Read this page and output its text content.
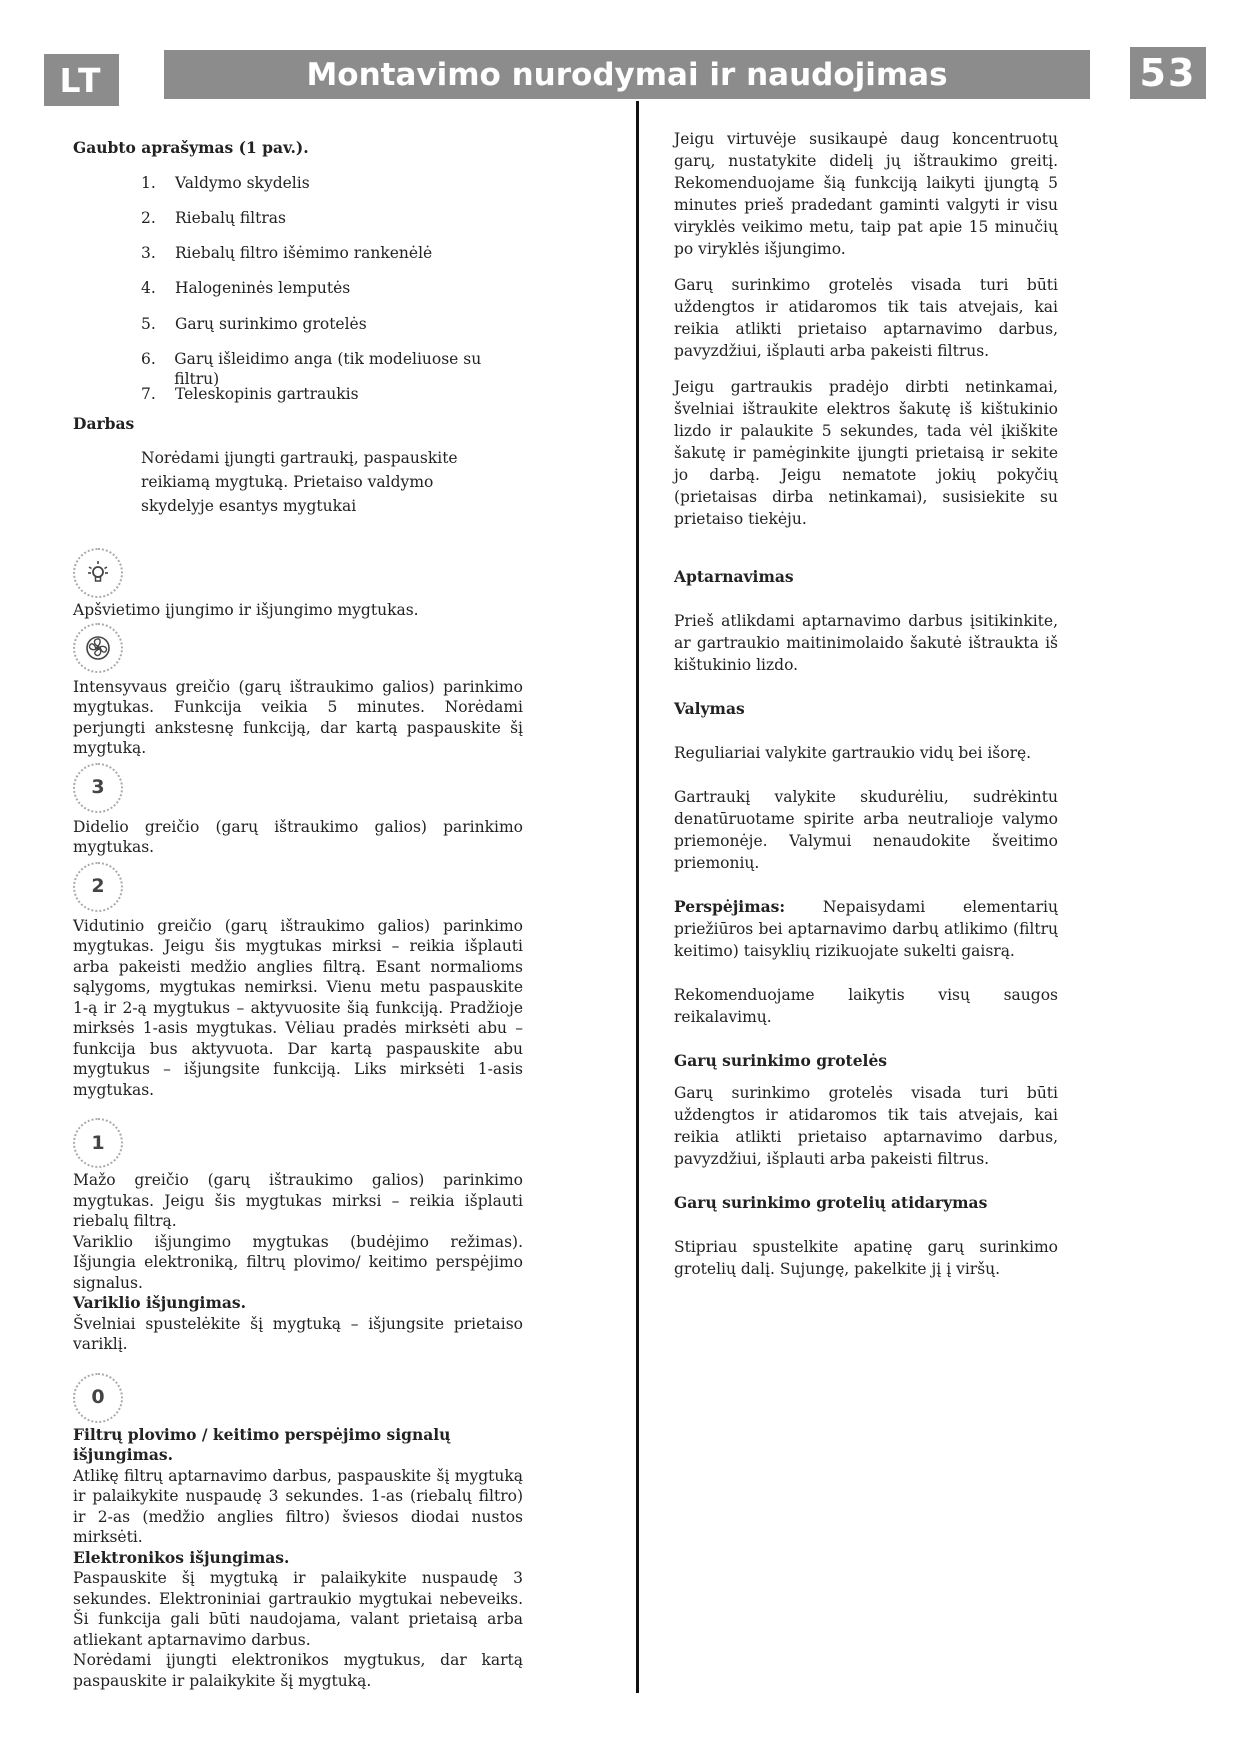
LT	Montavimo nurodymai ir naudojimas	53
Gaubto aprašymas (1 pav.).
1.	Valdymo skydelis
2.	Riebalų filtras
3.	Riebalų filtro išėmimo rankenėlė
4.	Halogeninės lemputės
5.	Garų surinkimo grotelės
6.	Garų išleidimo anga (tik modeliuose su filtru)
7.	Teleskopinis gartraukis
Darbas
Norėdami įjungti gartraukį, paspauskite reikiamą mygtuką. Prietaiso valdymo skydelyje esantys mygtukai
Apšvietimo įjungimo ir išjungimo mygtukas.
Intensyvaus greičio (garų ištraukimo galios) parinkimo mygtukas. Funkcija veikia 5 minutes. Norėdami perjungti ankstesnę funkciją, dar kartą paspauskite šį mygtuką.
3
Didelio greičio (garų ištraukimo galios) parinkimo mygtukas.
2
Vidutinio greičio (garų ištraukimo galios) parinkimo mygtukas. Jeigu šis mygtukas mirksi – reikia išplauti arba pakeisti medžio anglies filtrą. Esant normalioms sąlygoms, mygtukas nemirksi. Vienu metu paspauskite 1-ą ir 2-ą mygtukus – aktyvuosite šią funkciją. Pradžioje mirksės 1-asis mygtukas. Vėliau pradės mirksėti abu – funkcija bus aktyvuota. Dar kartą paspauskite abu mygtukus – išjungsite funkciją. Liks mirksėti 1-asis mygtukas.
1
Mažo greičio (garų ištraukimo galios) parinkimo mygtukas. Jeigu šis mygtukas mirksi – reikia išplauti riebalų filtrą.
Variklio išjungimo mygtukas (budėjimo režimas). Išjungia elektroniką, filtrų plovimo/ keitimo perspėjimo signalus.
Variklio išjungimas.
Švelniai spustelėkite šį mygtuką – išjungsite prietaiso variklį.
0
Filtrų plovimo / keitimo perspėjimo signalų išjungimas.
Atlikę filtrų aptarnavimo darbus, paspauskite šį mygtuką ir palaikykite nuspaudę 3 sekundes. 1-as (riebalų filtro) ir 2-as (medžio anglies filtro) šviesos diodai nustos mirksėti.
Elektronikos išjungimas.
Paspauskite šį mygtuką ir palaikykite nuspaudę 3 sekundes. Elektroniniai gartraukio mygtukai nebeveiks. Ši funkcija gali būti naudojama, valant prietaisą arba atliekant aptarnavimo darbus.
Norėdami įjungti elektronikos mygtukus, dar kartą paspauskite ir palaikykite šį mygtuką.
Jeigu virtuvėje susikaupė daug koncentruotų garų, nustatykite didelį jų ištraukimo greitį. Rekomenduojame šią funkciją laikyti įjungtą 5 minutes prieš pradedant gaminti valgyti ir visu viryklės veikimo metu, taip pat apie 15 minučių po viryklės išjungimo.
Garų surinkimo grotelės visada turi būti uždengtos ir atidaromos tik tais atvejais, kai reikia atlikti prietaiso aptarnavimo darbus, pavyzdžiui, išplauti arba pakeisti filtrus.
Jeigu gartraukis pradėjo dirbti netinkamai, švelniai ištraukite elektros šakutę iš kištukinio lizdo ir palaukite 5 sekundes, tada vėl įkiškite šakutę ir pamėginkite įjungti prietaisą ir sekite jo darbą. Jeigu nematote jokių pokyčių (prietaisas dirba netinkamai), susisiekite su prietaiso tiekėju.
Aptarnavimas
Prieš atlikdami aptarnavimo darbus įsitikinkite, ar gartraukio maitinimolaido šakutė ištraukta iš kištukinio lizdo.
Valymas
Reguliariai valykite gartraukio vidų bei išorę.
Gartraukį valykite skudurėliu, sudrėkintu denatūruotame spirite arba neutralioje valymo priemonėje. Valymui nenaudokite šveitimo priemonių.
Perspėjimas: Nepaisydami elementarių priežiūros bei aptarnavimo darbų atlikimo (filtrų keitimo) taisyklių rizikuojate sukelti gaisrą.
Rekomenduojame laikytis visų saugos reikalavimų.
Garų surinkimo grotelės
Garų surinkimo grotelės visada turi būti uždengtos ir atidaromos tik tais atvejais, kai reikia atlikti prietaiso aptarnavimo darbus, pavyzdžiui, išplauti arba pakeisti filtrus.
Garų surinkimo grotelių atidarymas
Stipriau spustelkite apatinę garų surinkimo grotelių dalį. Sujungę, pakelkite jį į viršų.
